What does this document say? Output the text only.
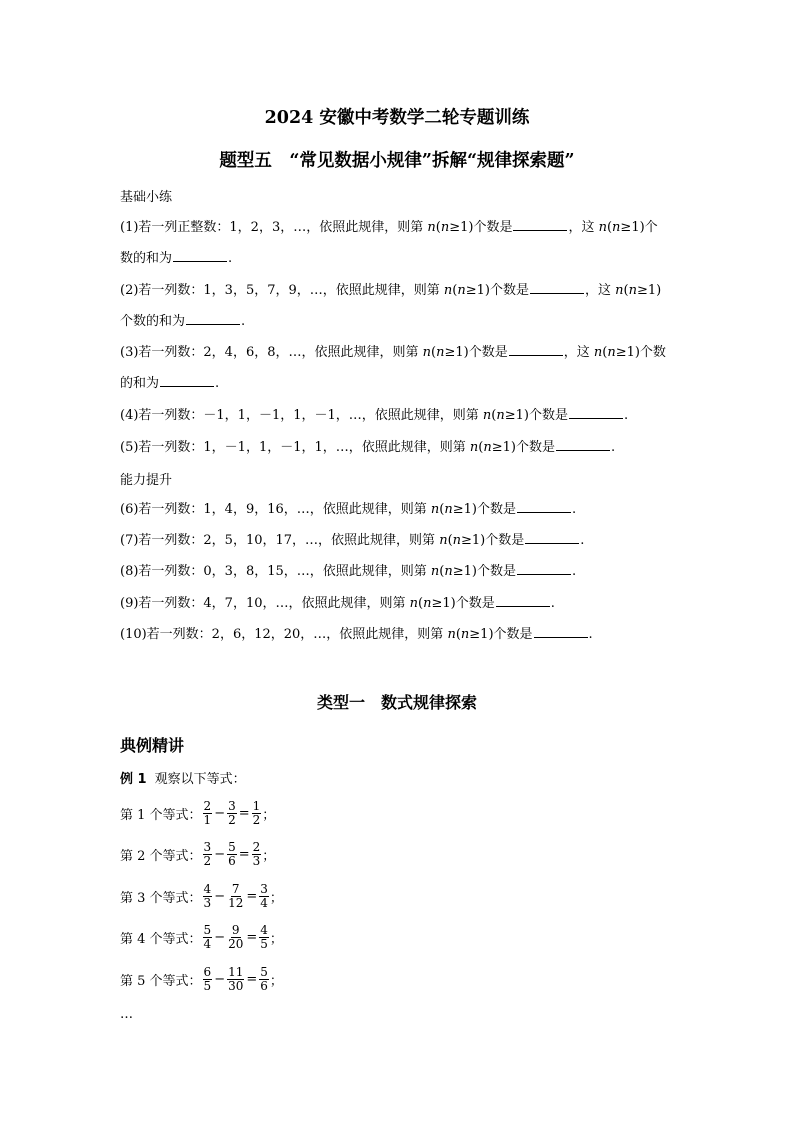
2024 安徽中考数学二轮专题训练
题型五　“常见数据小规律”拆解“规律探索题”
基础小练
(1)若一列正整数：1，2，3，…，依照此规律，则第 n(n≥1)个数是	，这 n(n≥1)个
数的和为	.
(2)若一列数：1，3，5，7，9，…，依照此规律，则第 n(n≥1)个数是	，这 n(n≥1)
个数的和为	.
(3)若一列数：2，4，6，8，…，依照此规律，则第 n(n≥1)个数是	，这 n(n≥1)个数
的和为	.
(4)若一列数：－1，1，－1，1，－1，…，依照此规律，则第 n(n≥1)个数是	.
(5)若一列数：1，－1，1，－1，1，…，依照此规律，则第 n(n≥1)个数是	.
能力提升
(6)若一列数：1，4，9，16，…，依照此规律，则第 n(n≥1)个数是	.
(7)若一列数：2，5，10，17，…，依照此规律，则第 n(n≥1)个数是	.
(8)若一列数：0，3，8，15，…，依照此规律，则第 n(n≥1)个数是	.
(9)若一列数：4，7，10，…，依照此规律，则第 n(n≥1)个数是	.
(10)若一列数：2，6，12，20，…，依照此规律，则第 n(n≥1)个数是	.
类型一　数式规律探索
典例精讲
例 1 观察以下等式：
第 1 个等式： $\frac{2}{1} - \frac{3}{2} = \frac{1}{2}$ ；
第 2 个等式： $\frac{3}{2} - \frac{5}{6} = \frac{2}{3}$ ；
第 3 个等式： $\frac{4}{3} - \frac{7}{12} = \frac{3}{4}$ ；
第 4 个等式： $\frac{5}{4} - \frac{9}{20} = \frac{4}{5}$ ；
第 5 个等式： $\frac{6}{5} - \frac{11}{30} = \frac{5}{6}$ ；
…
